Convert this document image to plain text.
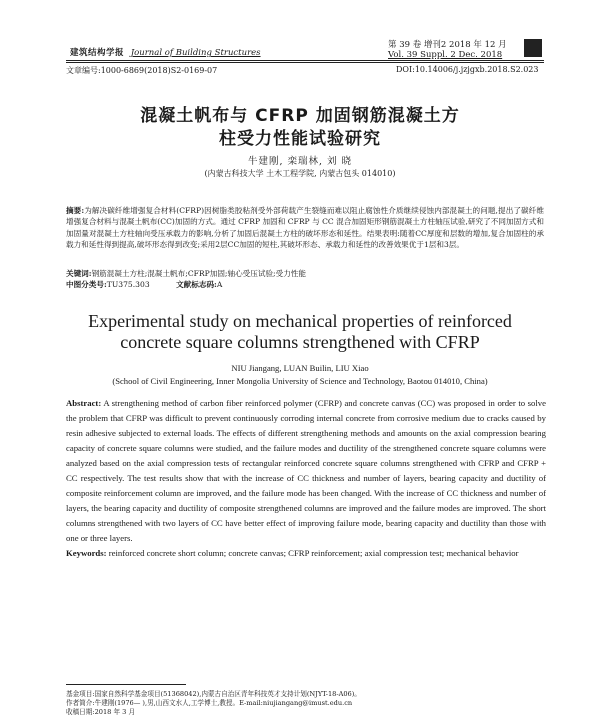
建筑结构学报 Journal of Building Structures
第 39 卷 增刊2 2018 年 12 月
Vol. 39 Suppl. 2 Dec. 2018
文章编号:1000-6869(2018)S2-0169-07	DOI:10.14006/j.jzjgxb.2018.S2.023
混凝土帆布与 CFRP 加固钢筋混凝土方
柱受力性能试验研究
牛建刚, 栾瑞林, 刘 晓
(内蒙古科技大学 土木工程学院, 内蒙古包头 014010)
摘要:为解决碳纤维增强复合材料(CFRP)因树脂类胶粘剂受外部荷载产生裂缝而难以阻止腐蚀性介质继续侵蚀内部混凝土的问题,提出了碳纤维增强复合材料与混凝土帆布(CC)加固的方式。通过 CFRP 加固和 CFRP 与 CC 混合加固矩形钢筋混凝土方柱轴压试验,研究了不同加固方式和加固量对混凝土方柱轴向受压承载力的影响,分析了加固后混凝土方柱的破坏形态和延性。结果表明:随着CC厚度和层数的增加,复合加固柱的承载力和延性得到提高,破坏形态得到改变;采用2层CC加固的短柱,其破坏形态、承载力和延性的改善效果优于1层和3层。
关键词:钢筋混凝土方柱;混凝土帆布;CFRP加固;轴心受压试验;受力性能
中图分类号:TU375.303	文献标志码:A
Experimental study on mechanical properties of reinforced
concrete square columns strengthened with CFRP
NIU Jiangang, LUAN Builin, LIU Xiao
(School of Civil Engineering, Inner Mongolia University of Science and Technology, Baotou 014010, China)
Abstract: A strengthening method of carbon fiber reinforced polymer (CFRP) and concrete canvas (CC) was proposed in order to solve the problem that CFRP was difficult to prevent continuously corroding internal concrete from corrosive medium due to cracks caused by resin adhesive subjected to external loads. The effects of different strengthening methods and amounts on the axial compression bearing capacity of concrete square columns were studied, and the failure modes and ductility of the strengthened concrete square columns were analyzed based on the axial compression tests of rectangular reinforced concrete square columns strengthened with CFRP and CFRP + CC respectively. The test results show that with the increase of CC thickness and number of layers, bearing capacity and ductility of composite reinforcement column are improved, and the failure mode has been changed. With the increase of CC thickness and number of layers, the bearing capacity and ductility of composite strengthened columns are improved and the failure modes are improved. The short columns strengthened with two layers of CC have better effect of improving failure mode, bearing capacity and ductility than those with one or three layers.
Keywords: reinforced concrete short column; concrete canvas; CFRP reinforcement; axial compression test; mechanical behavior
基金项目:国家自然科学基金项目(51368042),内蒙古自治区青年科技英才支持计划(NJYT-18-A06)。
作者简介:牛建刚(1976— ),男,山西文水人,工学博士,教授。E-mail:niujiangang@imust.edu.cn
收稿日期:2018 年 3 月
